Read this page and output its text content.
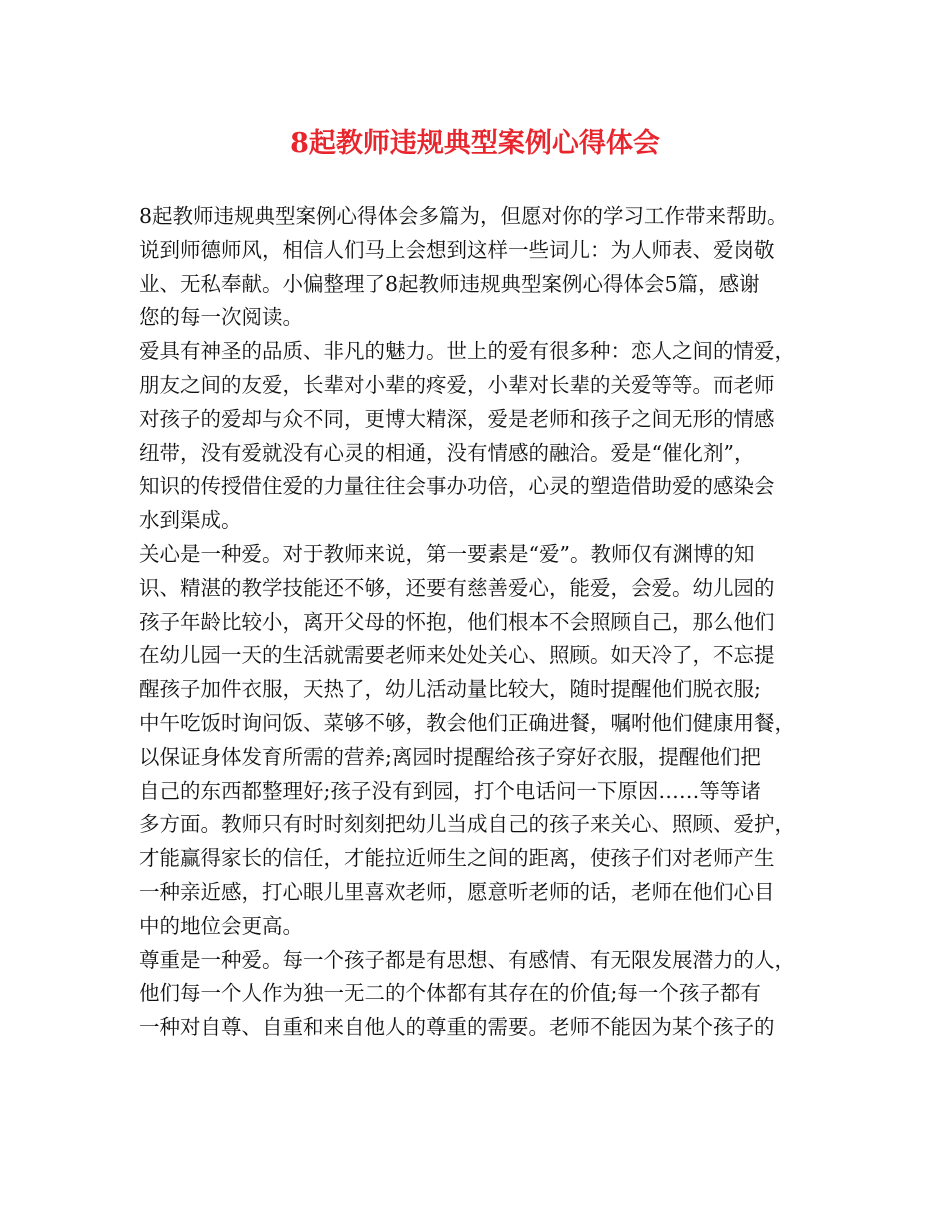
8起教师违规典型案例心得体会
8起教师违规典型案例心得体会多篇为，但愿对你的学习工作带来帮助。
说到师德师风，相信人们马上会想到这样一些词儿：为人师表、爱岗敬
业、无私奉献。小偏整理了8起教师违规典型案例心得体会5篇，感谢
您的每一次阅读。
爱具有神圣的品质、非凡的魅力。世上的爱有很多种：恋人之间的情爱，
朋友之间的友爱，长辈对小辈的疼爱，小辈对长辈的关爱等等。而老师
对孩子的爱却与众不同，更博大精深，爱是老师和孩子之间无形的情感
纽带，没有爱就没有心灵的相通，没有情感的融洽。爱是“催化剂”，
知识的传授借住爱的力量往往会事办功倍，心灵的塑造借助爱的感染会
水到渠成。
关心是一种爱。对于教师来说，第一要素是“爱”。教师仅有渊博的知
识、精湛的教学技能还不够，还要有慈善爱心，能爱，会爱。幼儿园的
孩子年龄比较小，离开父母的怀抱，他们根本不会照顾自己，那么他们
在幼儿园一天的生活就需要老师来处处关心、照顾。如天冷了，不忘提
醒孩子加件衣服，天热了，幼儿活动量比较大，随时提醒他们脱衣服;
中午吃饭时询问饭、菜够不够，教会他们正确进餐，嘱咐他们健康用餐，
以保证身体发育所需的营养;离园时提醒给孩子穿好衣服，提醒他们把
自己的东西都整理好;孩子没有到园，打个电话问一下原因……等等诸
多方面。教师只有时时刻刻把幼儿当成自己的孩子来关心、照顾、爱护，
才能赢得家长的信任，才能拉近师生之间的距离，使孩子们对老师产生
一种亲近感，打心眼儿里喜欢老师，愿意听老师的话，老师在他们心目
中的地位会更高。
尊重是一种爱。每一个孩子都是有思想、有感情、有无限发展潜力的人，
他们每一个人作为独一无二的个体都有其存在的价值;每一个孩子都有
一种对自尊、自重和来自他人的尊重的需要。老师不能因为某个孩子的
